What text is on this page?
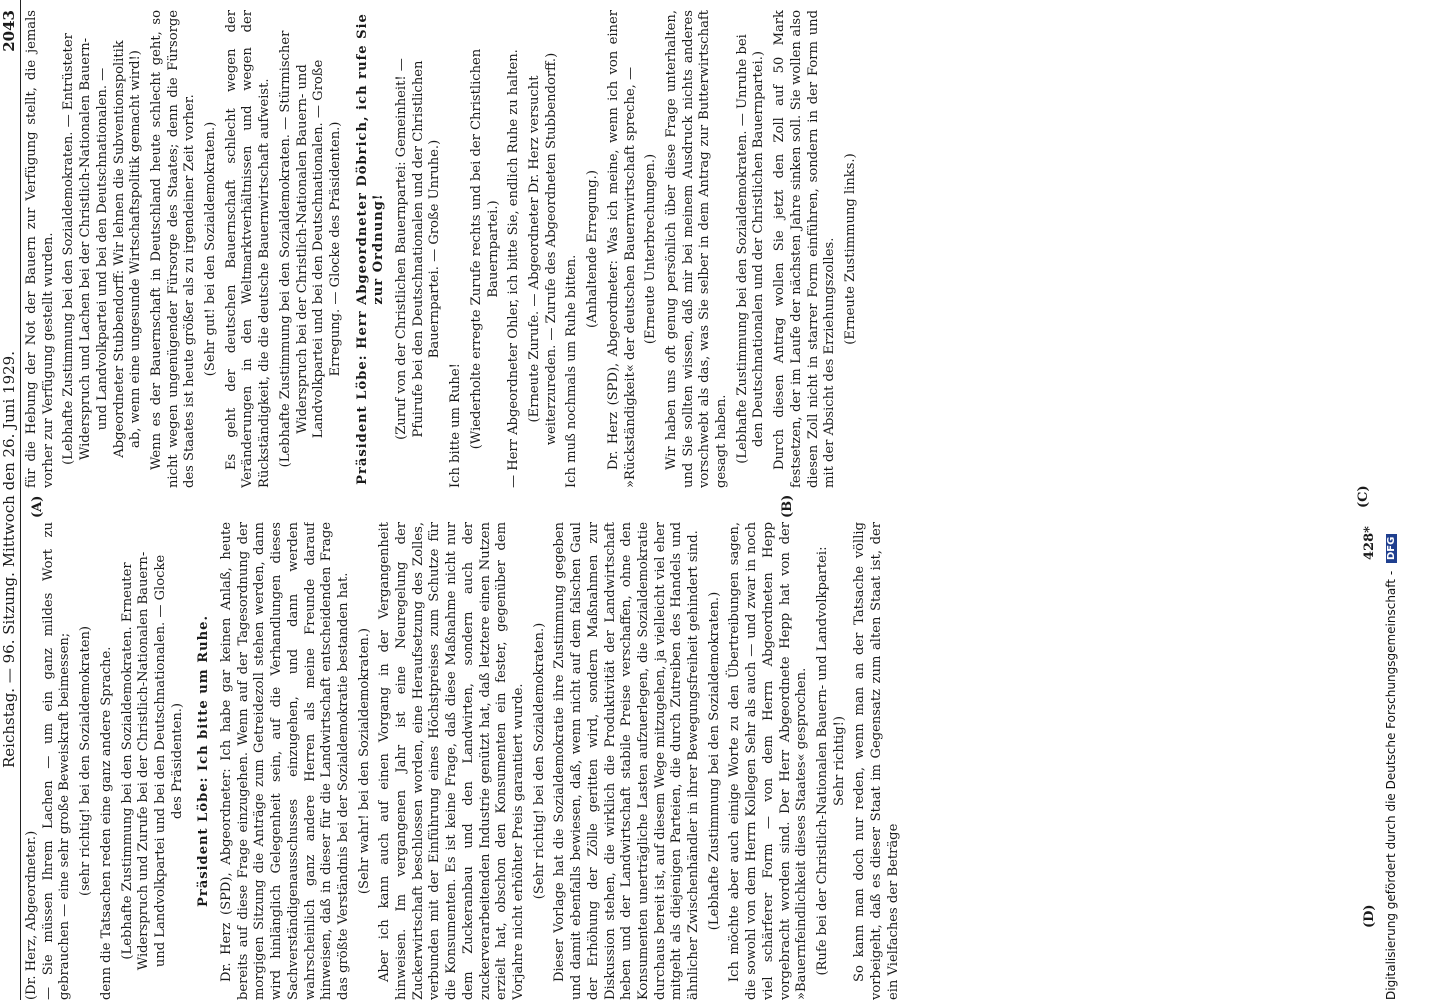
Reichstag. — 96. Sitzung. Mittwoch den 26. Juni 1929.
2043

(Dr. Herz, Abgeordneter.) — Sie müssen Ihrem Lachen — um ein ganz mildes Wort zu gebrauchen — eine sehr große Beweiskraft beimessen; (sehr richtig! bei den Sozialdemokraten) denn die Tatsachen reden eine ganz andere Sprache. (Lebhafte Zustimmung bei den Sozialdemokraten. Erneuter Widerspruch und Zurufe bei der Christlich-Nationalen Bauern- und Landvolkpartei und bei den Deutschnationalen. — Glocke des Präsidenten.) Präsident Löbe: Ich bitte um Ruhe. Dr. Herz (SPD), Abgeordneter: Ich habe gar keinen Anlaß, heute bereits auf diese Frage einzugehen. Wenn auf der Tagesordnung der morgigen Sitzung die Anträge zum Getreidezoll stehen werden, dann wird hinlänglich Gelegenheit sein, auf die Verhandlungen dieses Sachverständigenausschusses einzugehen, und dann werden wahrscheinlich ganz andere Herren als meine Freunde darauf hinweisen, daß in dieser für die Landwirtschaft entscheidenden Frage das größte Verständnis bei der Sozialdemokratie bestanden hat. (Sehr wahr! bei den Sozialdemokraten.) Aber ich kann auch auf einen Vorgang in der Vergangenheit hinweisen. Im vergangenen Jahr ist eine Neuregelung der Zuckerwirtschaft beschlossen worden, eine Heraufsetzung des Zolles, verbunden mit der Einführung eines Höchstpreises zum Schutze für die Konsumenten. Es ist keine Frage, daß diese Maßnahme nicht nur dem Zuckeranbau und den Landwirten, sondern auch der zuckerverarbeitenden Industrie genützt hat, daß letztere einen Nutzen erzielt hat, obschon den Konsumenten ein fester, gegenüber dem Vorjahre nicht erhöhter Preis garantiert wurde. (Sehr richtig! bei den Sozialdemokraten.) Dieser Vorlage hat die Sozialdemokratie ihre Zustimmung gegeben und damit ebenfalls bewiesen, daß, wenn nicht auf dem falschen Gaul der Erhöhung der Zölle geritten wird, sondern Maßnahmen zur Diskussion stehen, die wirklich die Produktivität der Landwirtschaft heben und der Landwirtschaft stabile Preise verschaffen, ohne den Konsumenten unerträgliche Lasten aufzuerlegen, die Sozialdemokratie durchaus bereit ist, auf diesem Wege mitzugehen, ja vielleicht viel eher mitgeht als diejenigen Parteien, die durch Zutreiben des Handels und ähnlicher Zwischenhändler in ihrer Bewegungsfreiheit gehindert sind. (Lebhafte Zustimmung bei den Sozialdemokraten.) Ich möchte aber auch einige Worte zu den Übertreibungen sagen, die sowohl von dem Herrn Kollegen Sehr als auch — und zwar in noch viel schärferer Form — von dem Herrn Abgeordneten Hepp vorgebracht worden sind. Der Herr Abgeordnete Hepp hat von der »Bauernfeindlichkeit dieses Staates« gesprochen. (Rufe bei der Christlich-Nationalen Bauern- und Landvolkpartei: Sehr richtig!) So kann man doch nur reden, wenn man an der Tatsache völlig vorbeigeht, daß es dieser Staat im Gegensatz zum alten Staat ist, der ein Vielfaches der Beträge

für die Hebung der Not der Bauern zur Verfügung stellt, die jemals vorher zur Verfügung gestellt wurden. (Lebhafte Zustimmung bei den Sozialdemokraten. — Entrüsteter Widerspruch und Lachen bei der Christlich-Nationalen Bauern- und Landvolkpartei und bei den Deutschnationalen. — Abgeordneter Stubbendorff: Wir lehnen die Subventionspolitik ab, wenn eine ungesunde Wirtschaftspolitik gemacht wird!) Wenn es der Bauernschaft in Deutschland heute schlecht geht, so nicht wegen ungenügender Fürsorge des Staates; denn die Fürsorge des Staates ist heute größer als zu irgendeiner Zeit vorher. (Sehr gut! bei den Sozialdemokraten.) Es geht der deutschen Bauernschaft schlecht wegen der Veränderungen in den Weltmarktverhältnissen und wegen der Rückständigkeit, die die deutsche Bauernwirtschaft aufweist. (Lebhafte Zustimmung bei den Sozialdemokraten. — Stürmischer Widerspruch bei der Christlich-Nationalen Bauern- und Landvolkpartei und bei den Deutschnationalen. — Große Erregung. — Glocke des Präsidenten.) Präsident Löbe: Herr Abgeordneter Döbrich, ich rufe Sie zur Ordnung! (Zuruf von der Christlichen Bauernpartei: Gemeinheit! — Pfuirufe bei den Deutschnationalen und der Christlichen Bauernpartei. — Große Unruhe.)

Ich bitte um Ruhe! (Wiederholte erregte Zurufe rechts und bei der Christlichen Bauernpartei.) — Herr Abgeordneter Ohler, ich bitte Sie, endlich Ruhe zu halten. (Erneute Zurufe. — Abgeordneter Dr. Herz versucht weiterzureden. — Zurufe des Abgeordneten Stubbendorff.) Ich muß nochmals um Ruhe bitten.

(Anhaltende Erregung.) Dr. Herz (SPD), Abgeordneter: Was ich meine, wenn ich von einer »Rückständigkeit« der deutschen Bauernwirtschaft spreche, — (Erneute Unterbrechungen.) Wir haben uns oft genug persönlich über diese Frage unterhalten, und Sie sollten wissen, daß mir bei meinem Ausdruck nichts anderes vorschwebt als das, was Sie selber in dem Antrag zur Butterwirtschaft gesagt haben. (Lebhafte Zustimmung bei den Sozialdemokraten. — Unruhe bei den Deutschnationalen und der Christlichen Bauernpartei.) Durch diesen Antrag wollen Sie jetzt den Zoll auf 50 Mark festsetzen, der im Laufe der nächsten Jahre sinken soll. Sie wollen also diesen Zoll nicht in starrer Form einführen, sondern in der Form und mit der Absicht des Erziehungszolles. (Erneute Zustimmung links.)

(A)	(B)	(C)
(D)
428*
Digitalisierung gefördert durch die Deutsche Forschungsgemeinschaft - DFG
